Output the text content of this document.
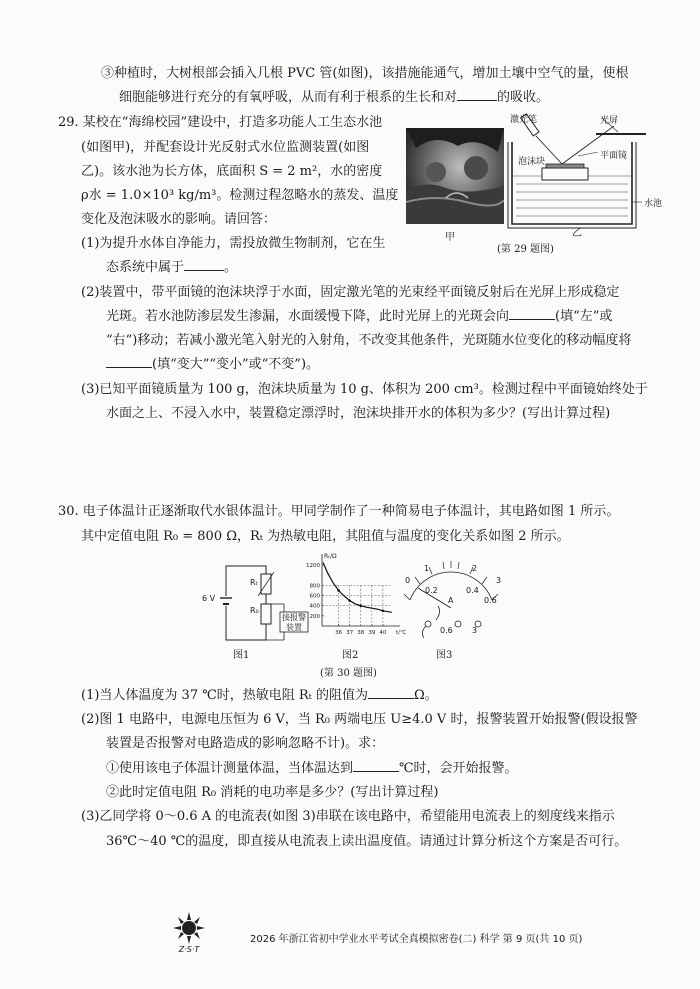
③种植时，大树根部会插入几根 PVC 管(如图)，该措施能通气，增加土壤中空气的量，使根
细胞能够进行充分的有氧呼吸，从而有利于根系的生长和对	的吸收。
29. 某校在“海绵校园”建设中，打造多功能人工生态水池
(如图甲)，并配套设计光反射式水位监测装置(如图
乙)。该水池为长方体，底面积 S = 2 m²，水的密度
ρ水 = 1.0×10³ kg/m³。检测过程忽略水的蒸发、温度
变化及泡沫吸水的影响。请回答：
(1)为提升水体自净能力，需投放微生物制剂，它在生
态系统中属于	。
(2)装置中，带平面镜的泡沫块浮于水面，固定激光笔的光束经平面镜反射后在光屏上形成稳定
光斑。若水池防渗层发生渗漏，水面缓慢下降，此时光屏上的光斑会向	(填“左”或
“右”)移动；若减小激光笔入射光的入射角，不改变其他条件，光斑随水位变化的移动幅度将
(填“变大”“变小”或“不变”)。
(3)已知平面镜质量为 100 g，泡沫块质量为 10 g、体积为 200 cm³。检测过程中平面镜始终处于
水面之上、不浸入水中，装置稳定漂浮时，泡沫块排开水的体积为多少？(写出计算过程)
甲
激光笔	光屏
平面镜
泡沫块
水池
乙
(第 29 题图)
30. 电子体温计正逐渐取代水银体温计。甲同学制作了一种简易电子体温计，其电路如图 1 所示。
其中定值电阻 R₀ = 800 Ω，Rₜ 为热敏电阻，其阻值与温度的变化关系如图 2 所示。
6 V
Rₜ
R₀
接报警
装置
图1
36 37 38 39 40
200
400
600
800
1200
Rₜ/Ω
t/℃
图2
0
1	2
3
0.2	0.4
0.6
A
0.6 3
图3
(第 30 题图)
(1)当人体温度为 37 ℃时，热敏电阻 Rₜ 的阻值为	Ω。
(2)图 1 电路中，电源电压恒为 6 V，当 R₀ 两端电压 U≥4.0 V 时，报警装置开始报警(假设报警
装置是否报警对电路造成的影响忽略不计)。求：
①使用该电子体温计测量体温，当体温达到	℃时，会开始报警。
②此时定值电阻 R₀ 消耗的电功率是多少？(写出计算过程)
(3)乙同学将 0～0.6 A 的电流表(如图 3)串联在该电路中，希望能用电流表上的刻度线来指示
36℃～40 ℃的温度，即直接从电流表上读出温度值。请通过计算分析这个方案是否可行。
Z·S·T
2026 年浙江省初中学业水平考试全真模拟密卷(二) 科学 第 9 页(共 10 页)
